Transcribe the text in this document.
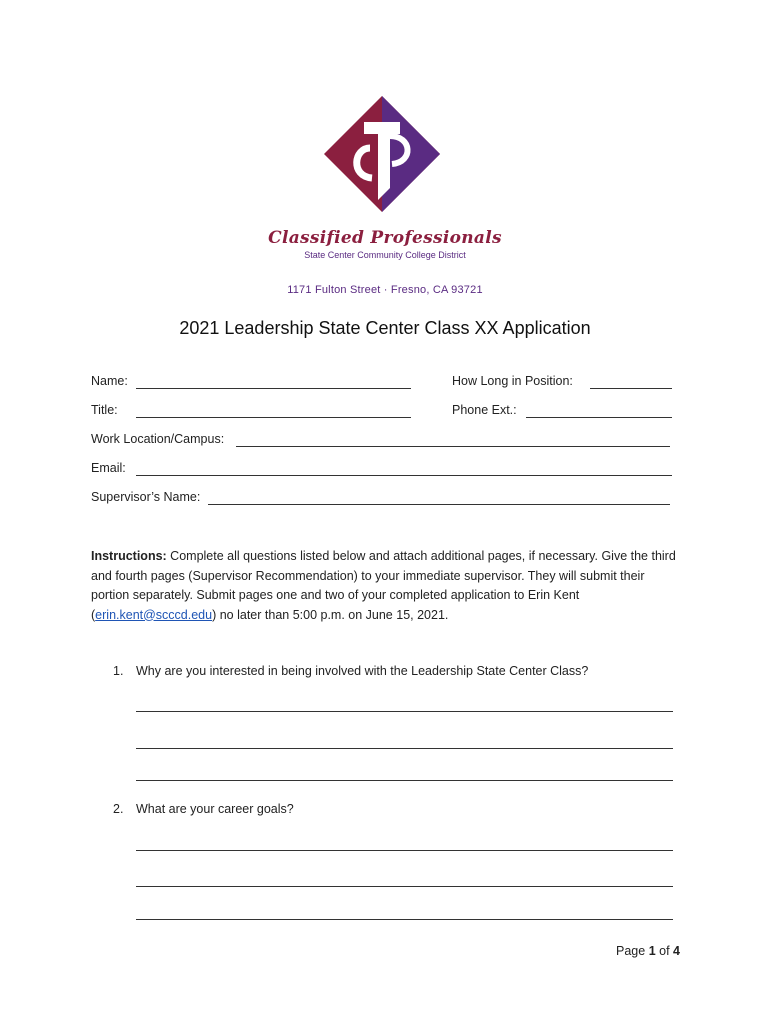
Classified Professionals
State Center Community College District
1171 Fulton Street · Fresno, CA 93721
2021 Leadership State Center Class XX Application
Name:	How Long in Position:
Title:	Phone Ext.:
Work Location/Campus:
Email:
Supervisor’s Name:
Instructions: Complete all questions listed below and attach additional pages, if necessary. Give the third and fourth pages (Supervisor Recommendation) to your immediate supervisor. They will submit their portion separately. Submit pages one and two of your completed application to Erin Kent (erin.kent@scccd.edu) no later than 5:00 p.m. on June 15, 2021.
1. Why are you interested in being involved with the Leadership State Center Class?
2. What are your career goals?
Page 1 of 4
